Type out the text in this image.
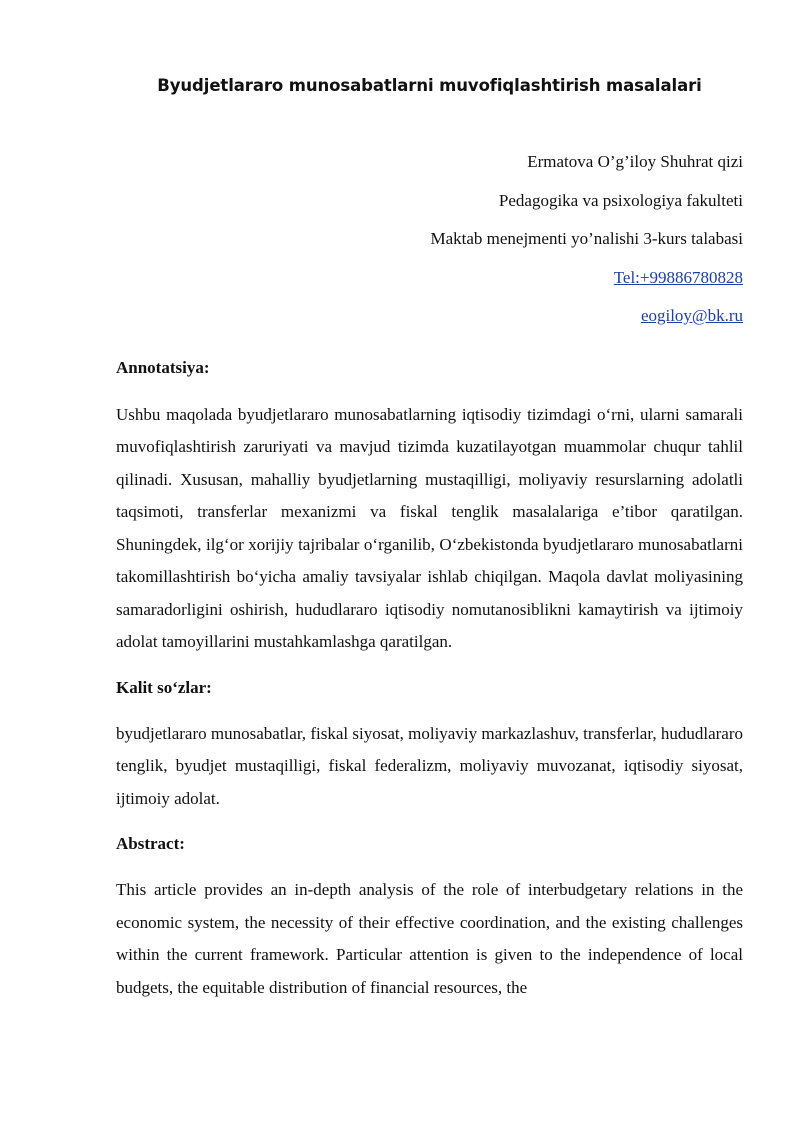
Byudjetlararo munosabatlarni muvofiqlashtirish masalalari
Ermatova O’g’iloy Shuhrat qizi
Pedagogika va psixologiya fakulteti
Maktab menejmenti yo’nalishi 3-kurs talabasi
Tel:+99886780828
eogiloy@bk.ru
Annotatsiya:

Ushbu maqolada byudjetlararo munosabatlarning iqtisodiy tizimdagi o‘rni, ularni samarali muvofiqlashtirish zaruriyati va mavjud tizimda kuzatilayotgan muammolar chuqur tahlil qilinadi. Xususan, mahalliy byudjetlarning mustaqilligi, moliyaviy resurslarning adolatli taqsimoti, transferlar mexanizmi va fiskal tenglik masalalariga e’tibor qaratilgan. Shuningdek, ilg‘or xorijiy tajribalar o‘rganilib, O‘zbekistonda byudjetlararo munosabatlarni takomillashtirish bo‘yicha amaliy tavsiyalar ishlab chiqilgan. Maqola davlat moliyasining samaradorligini oshirish, hududlararo iqtisodiy nomutanosiblikni kamaytirish va ijtimoiy adolat tamoyillarini mustahkamlashga qaratilgan.

Kalit so‘zlar:

byudjetlararo munosabatlar, fiskal siyosat, moliyaviy markazlashuv, transferlar, hududlararo tenglik, byudjet mustaqilligi, fiskal federalizm, moliyaviy muvozanat, iqtisodiy siyosat, ijtimoiy adolat.

Abstract:

This article provides an in-depth analysis of the role of interbudgetary relations in the economic system, the necessity of their effective coordination, and the existing challenges within the current framework. Particular attention is given to the independence of local budgets, the equitable distribution of financial resources, the
